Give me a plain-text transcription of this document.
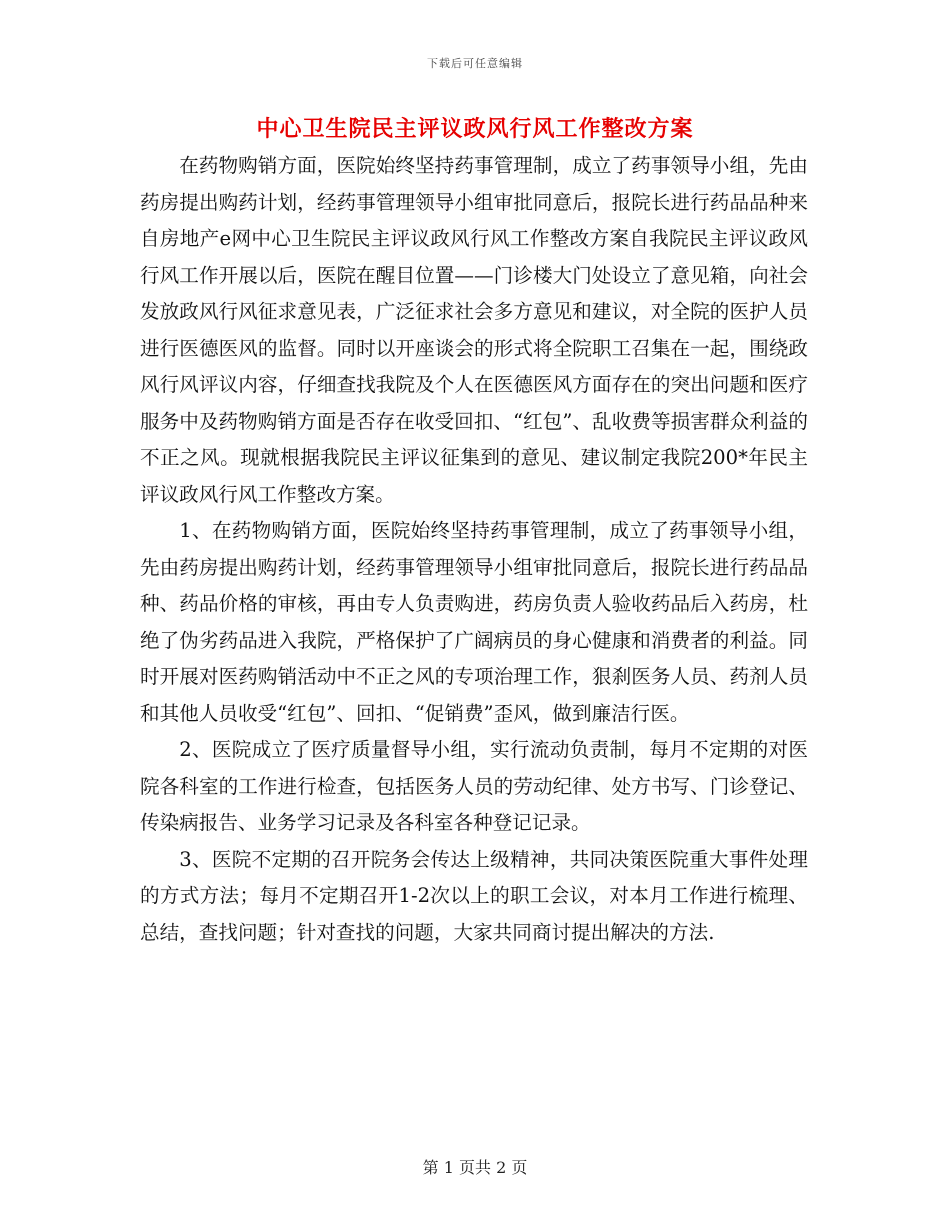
下载后可任意编辑
中心卫生院民主评议政风行风工作整改方案

在药物购销方面，医院始终坚持药事管理制，成立了药事领导小组，先由药房提出购药计划，经药事管理领导小组审批同意后，报院长进行药品品种来自房地产e网中心卫生院民主评议政风行风工作整改方案自我院民主评议政风行风工作开展以后，医院在醒目位置——门诊楼大门处设立了意见箱，向社会发放政风行风征求意见表，广泛征求社会多方意见和建议，对全院的医护人员进行医德医风的监督。同时以开座谈会的形式将全院职工召集在一起，围绕政风行风评议内容，仔细查找我院及个人在医德医风方面存在的突出问题和医疗服务中及药物购销方面是否存在收受回扣、“红包”、乱收费等损害群众利益的不正之风。现就根据我院民主评议征集到的意见、建议制定我院200*年民主评议政风行风工作整改方案。

1、在药物购销方面，医院始终坚持药事管理制，成立了药事领导小组，先由药房提出购药计划，经药事管理领导小组审批同意后，报院长进行药品品种、药品价格的审核，再由专人负责购进，药房负责人验收药品后入药房，杜绝了伪劣药品进入我院，严格保护了广阔病员的身心健康和消费者的利益。同时开展对医药购销活动中不正之风的专项治理工作，狠刹医务人员、药剂人员和其他人员收受“红包”、回扣、“促销费”歪风，做到廉洁行医。

2、医院成立了医疗质量督导小组，实行流动负责制，每月不定期的对医院各科室的工作进行检查，包括医务人员的劳动纪律、处方书写、门诊登记、传染病报告、业务学习记录及各科室各种登记记录。

3、医院不定期的召开院务会传达上级精神，共同决策医院重大事件处理的方式方法；每月不定期召开1-2次以上的职工会议，对本月工作进行梳理、总结，查找问题；针对查找的问题，大家共同商讨提出解决的方法.

第 1 页共 2 页
